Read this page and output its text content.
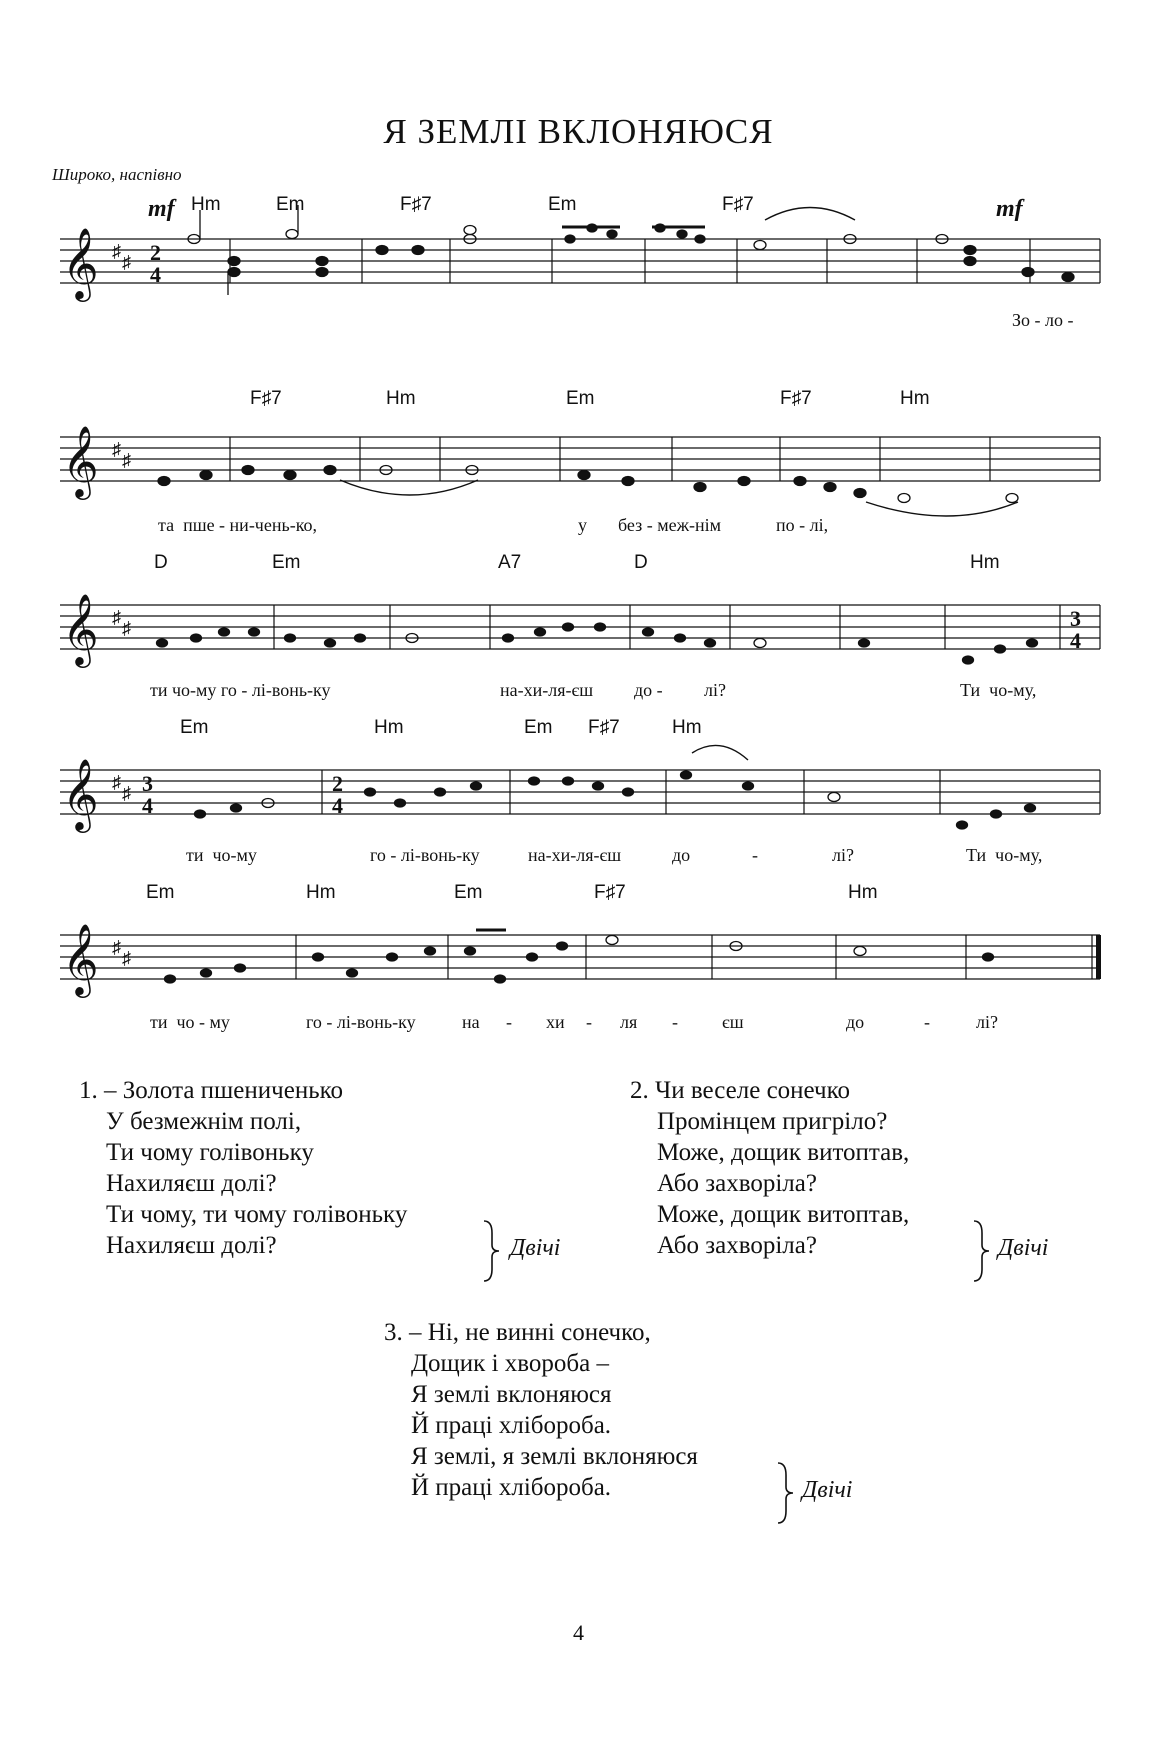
Я ЗЕМЛІ ВКЛОНЯЮСЯ
Широко, наспівно
𝄞 ♯
♯ 2
4
mf	mf
Hm	Em	F♯7	Em	F♯7
Зо - ло -
𝄞 ♯
♯
F♯7	Hm	Em	F♯7	Hm
та  пше - ни-чень-ко,	у без - меж-нім	по - лі,
𝄞 ♯
♯	3
4
D	Em	A7	D	Hm
ти чо-му го - лі-вонь-ку	на-хи-ля-єш до - лі?	Ти  чо-му,
𝄞 ♯
♯ 3
4
2
4
Em	Hm	Em F♯7	Hm
ти  чо-му	го - лі-вонь-ку	на-хи-ля-єш	до	-	лі?	Ти  чо-му,
𝄞 ♯
♯
Em	Hm	Em	F♯7	Hm
ти  чо - му	го - лі-вонь-ку	на - хи - ля - єш	до	-	лі?
1. – Золота пшениченько
У безмежнім полі,
Ти чому голівоньку
Нахиляєш долі?
Ти чому, ти чому голівоньку
Нахиляєш долі?	Двічі
2. Чи веселе сонечко
Промінцем пригріло?
Може, дощик витоптав,
Або захворіла?
Може, дощик витоптав,
Або захворіла?	Двічі
3. – Ні, не винні сонечко,
Дощик і хвороба –
Я землі вклоняюся
Й праці хлібороба.
Я землі, я землі вклоняюся
Й праці хлібороба.	Двічі
4
